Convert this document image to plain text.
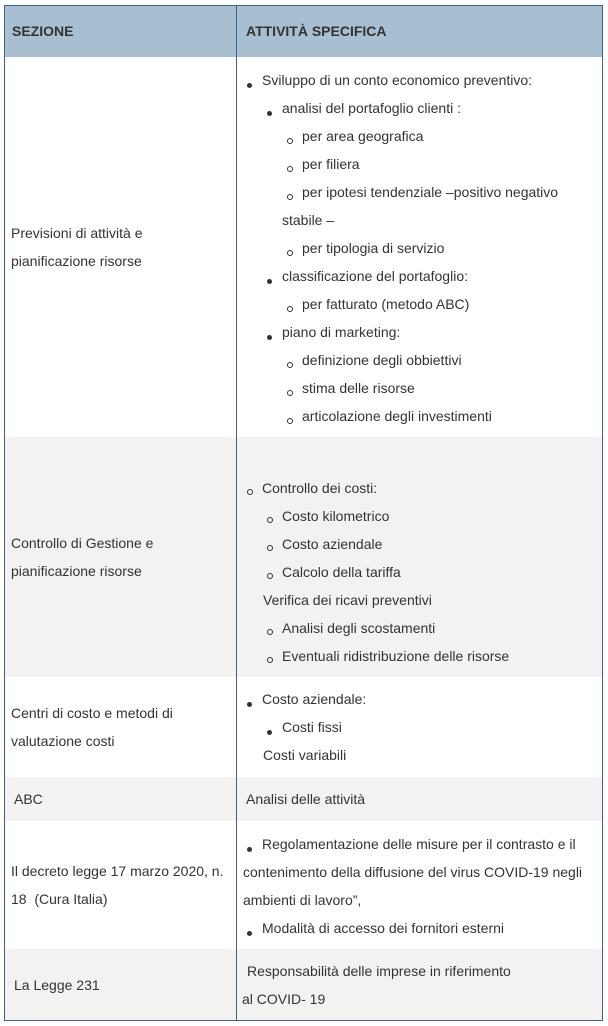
SEZIONE	ATTIVITÀ SPECIFICA
Previsioni di attività e
pianificazione risorse
Sviluppo di un conto economico preventivo:
analisi del portafoglio clienti :
per area geografica
per filiera
per ipotesi tendenziale –positivo negativo
stabile –
per tipologia di servizio
classificazione del portafoglio:
per fatturato (metodo ABC)
piano di marketing:
definizione degli obbiettivi
stima delle risorse
articolazione degli investimenti
Controllo di Gestione e
pianificazione risorse
Controllo dei costi:
Costo kilometrico
Costo aziendale
Calcolo della tariffa
Verifica dei ricavi preventivi
Analisi degli scostamenti
Eventuali ridistribuzione delle risorse
Centri di costo e metodi di
valutazione costi
Costo aziendale:
Costi fissi
Costi variabili
ABC	Analisi delle attività
Il decreto legge 17 marzo 2020, n.
18  (Cura Italia)
Regolamentazione delle misure per il contrasto e il
contenimento della diffusione del virus COVID-19 negli
ambienti di lavoro”,
Modalità di accesso dei fornitori esterni
La Legge 231
Responsabilità delle imprese in riferimento
al COVID- 19
